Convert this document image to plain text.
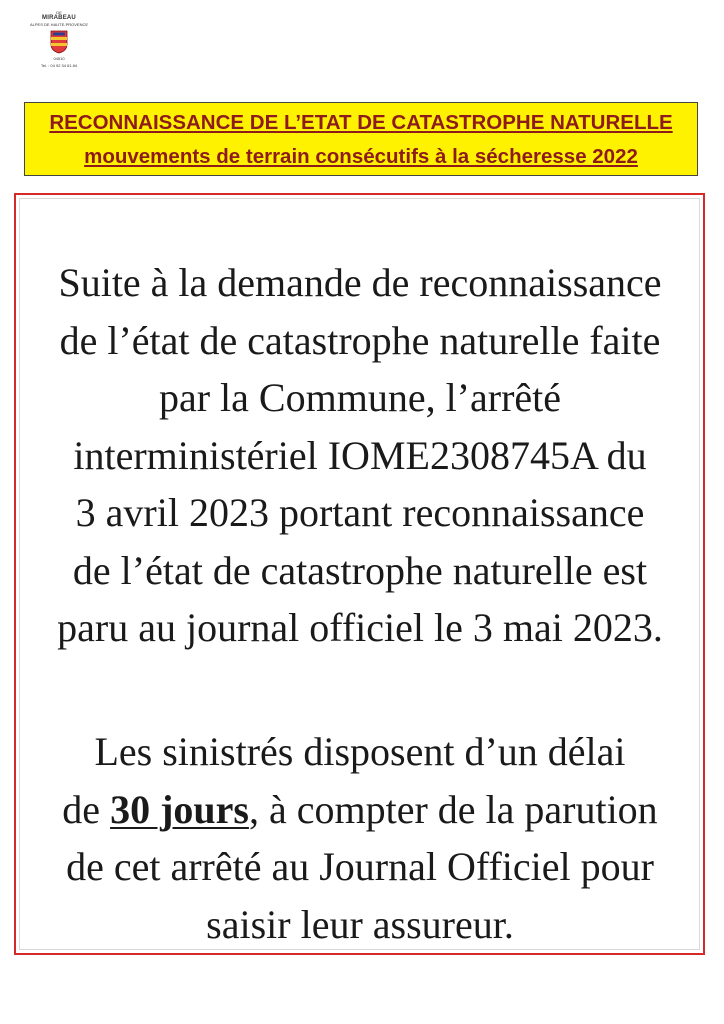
DE
MIRABEAU
ALPES DE HAUTE-PROVENCE
04510
Tel. : 04 92 34 61 84
RECONNAISSANCE DE L’ETAT DE CATASTROPHE NATURELLE
mouvements de terrain consécutifs à la sécheresse 2022
Suite à la demande de reconnaissance
de l’état de catastrophe naturelle faite
par la Commune, l’arrêté
interministériel IOME2308745A du
3 avril 2023 portant reconnaissance
de l’état de catastrophe naturelle est
paru au journal officiel le 3 mai 2023.
Les sinistrés disposent d’un délai
de 30 jours, à compter de la parution
de cet arrêté au Journal Officiel pour
saisir leur assureur.
